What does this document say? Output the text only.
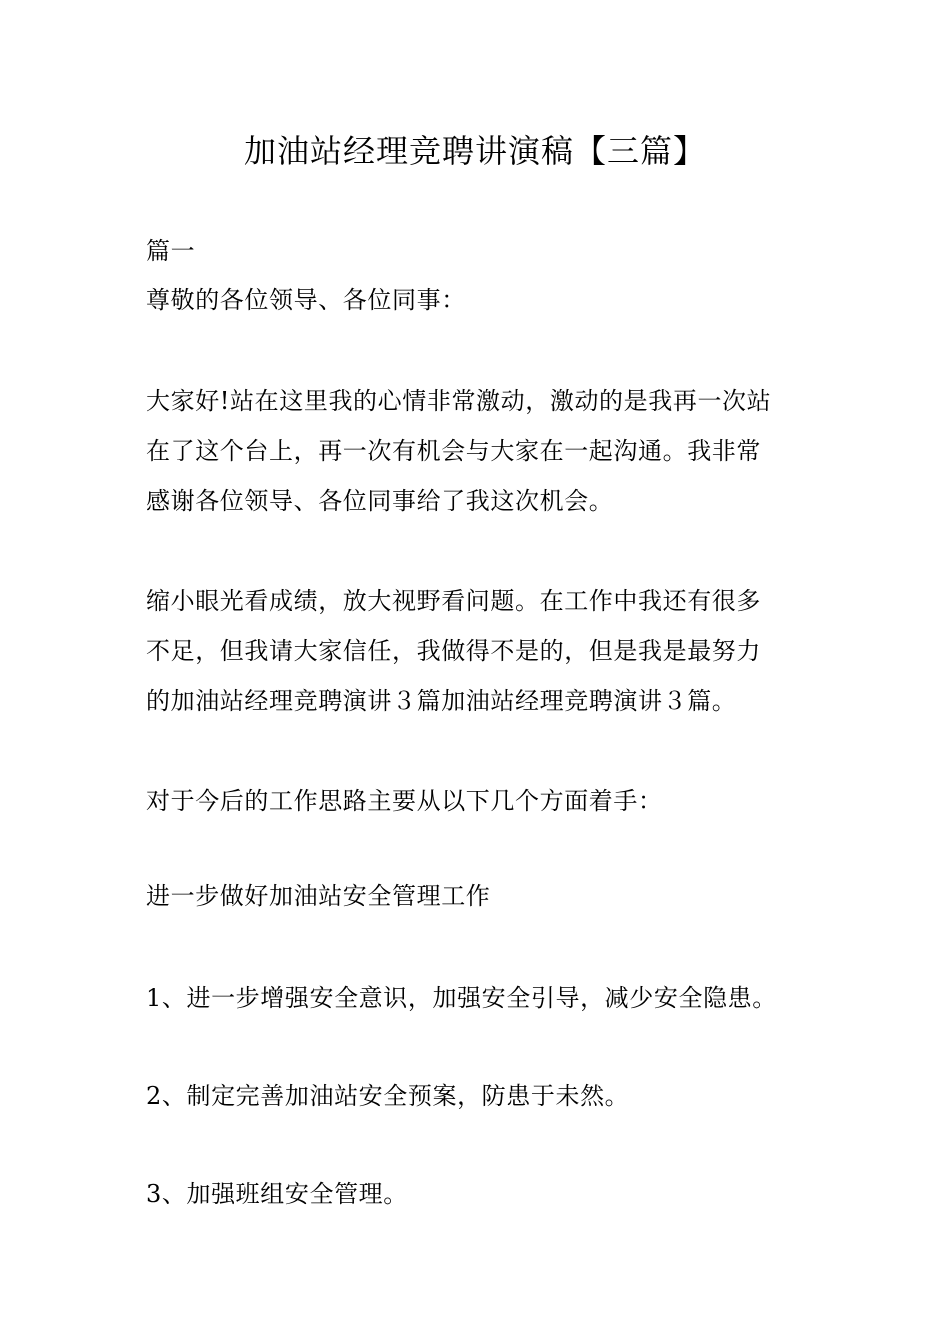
加油站经理竞聘讲演稿【三篇】

篇一

尊敬的各位领导、各位同事：

大家好!站在这里我的心情非常激动，激动的是我再一次站
在了这个台上，再一次有机会与大家在一起沟通。我非常
感谢各位领导、各位同事给了我这次机会。
缩小眼光看成绩，放大视野看问题。在工作中我还有很多
不足，但我请大家信任，我做得不是的，但是我是最努力
的加油站经理竞聘演讲３篇加油站经理竞聘演讲３篇。

对于今后的工作思路主要从以下几个方面着手：

进一步做好加油站安全管理工作

1、进一步增强安全意识，加强安全引导，减少安全隐患。

2、制定完善加油站安全预案，防患于未然。

3、加强班组安全管理。
